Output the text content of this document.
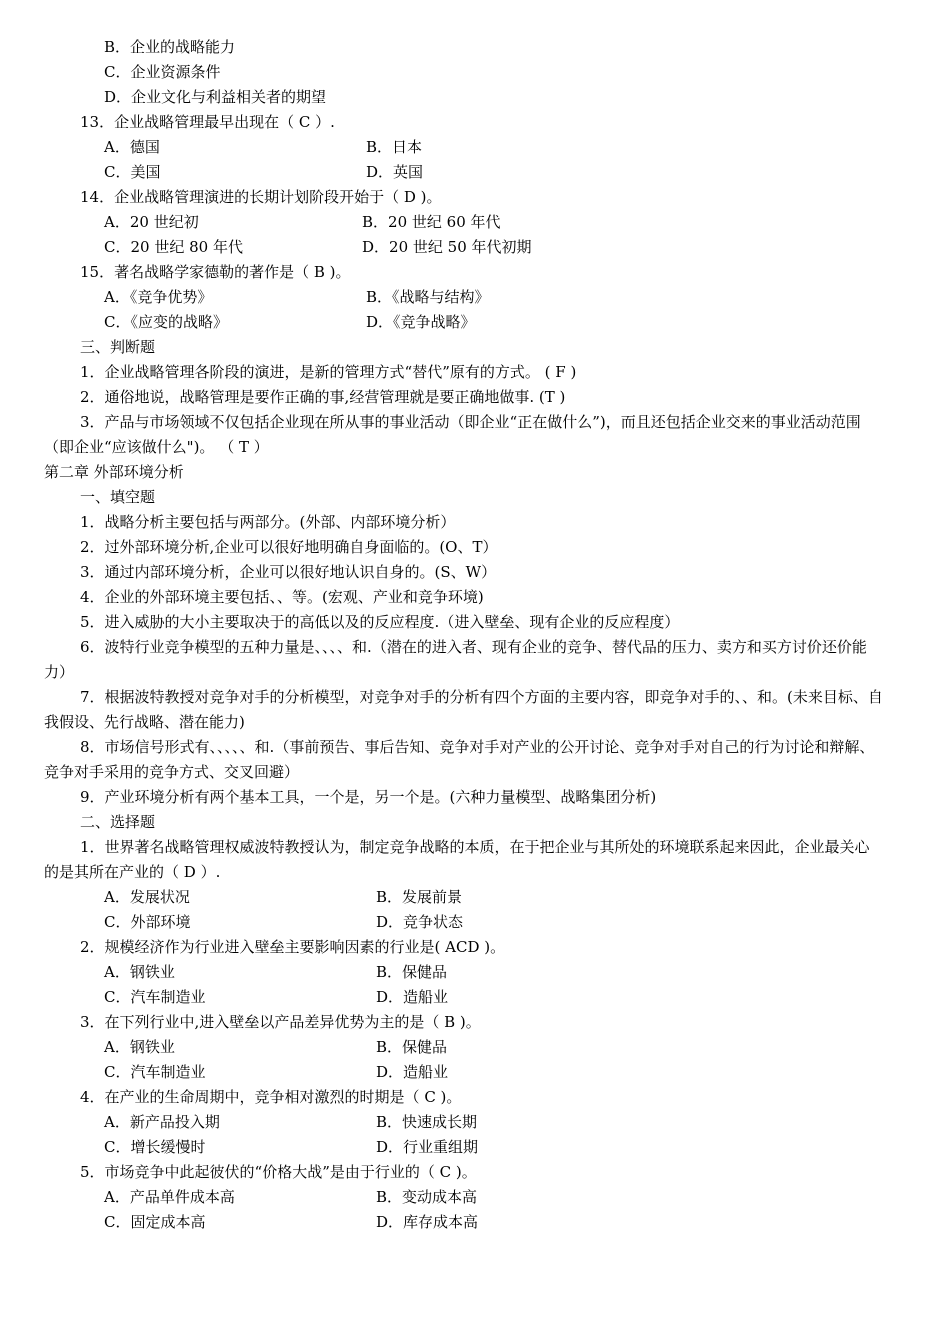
B．企业的战略能力
C．企业资源条件
D．企业文化与利益相关者的期望
13．企业战略管理最早出现在（ C ）.
A．德国	B．日本
C．美国	D．英国
14．企业战略管理演进的长期计划阶段开始于（ D )。
A．20 世纪初	B．20 世纪 60 年代
C．20 世纪 80 年代	D．20 世纪 50 年代初期
15．著名战略学家德勒的著作是（ B )。
A．《竞争优势》	B．《战略与结构》
C．《应变的战略》	D．《竞争战略》
三、判断题
1．企业战略管理各阶段的演进，是新的管理方式“替代”原有的方式。 ( F )
2．通俗地说，战略管理是要作正确的事,经营管理就是要正确地做事. (T )
3．产品与市场领域不仅包括企业现在所从事的事业活动（即企业“正在做什么”)，而且还包括企业交来的事业活动范围（即企业“应该做什么")。 （ T ）
第二章 外部环境分析
一、填空题
1．战略分析主要包括与两部分。(外部、内部环境分析）
2．过外部环境分析,企业可以很好地明确自身面临的。(O、T）
3．通过内部环境分析，企业可以很好地认识自身的。(S、W）
4．企业的外部环境主要包括、、等。(宏观、产业和竞争环境)
5．进入威胁的大小主要取决于的高低以及的反应程度.（进入壁垒、现有企业的反应程度）
6．波特行业竞争模型的五种力量是、、、、和.（潜在的进入者、现有企业的竞争、替代品的压力、卖方和买方讨价还价能力）
7．根据波特教授对竞争对手的分析模型，对竞争对手的分析有四个方面的主要内容，即竞争对手的、、和。(未来目标、自我假设、先行战略、潜在能力)
8．市场信号形式有、、、、、和.（事前预告、事后告知、竞争对手对产业的公开讨论、竞争对手对自己的行为讨论和辩解、竞争对手采用的竞争方式、交叉回避）
9．产业环境分析有两个基本工具，一个是，另一个是。(六种力量模型、战略集团分析)
二、选择题
1．世界著名战略管理权威波特教授认为，制定竞争战略的本质，在于把企业与其所处的环境联系起来因此，企业最关心的是其所在产业的（ D ）.
A．发展状况	B．发展前景
C．外部环境	D．竞争状态
2．规模经济作为行业进入壁垒主要影响因素的行业是( ACD )。
A．钢铁业	B．保健品
C．汽车制造业	D．造船业
3．在下列行业中,进入壁垒以产品差异优势为主的是（ B )。
A．钢铁业	B．保健品
C．汽车制造业	D．造船业
4．在产业的生命周期中，竞争相对激烈的时期是（ C )。
A．新产品投入期	B．快速成长期
C．增长缓慢时	D．行业重组期
5．市场竞争中此起彼伏的“价格大战”是由于行业的（ C )。
A．产品单件成本高	B．变动成本高
C．固定成本高	D．库存成本高
